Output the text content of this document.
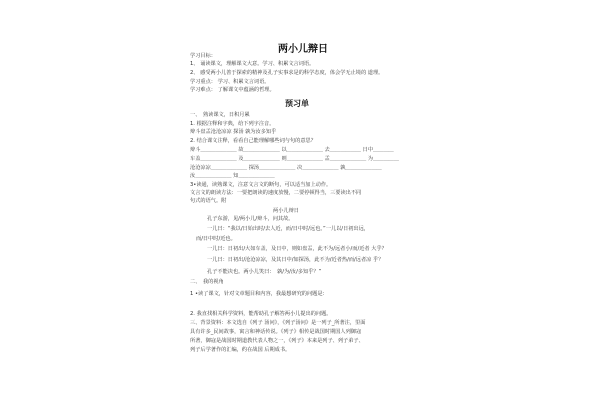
两小儿辩日
学习目标：
1、 诵读课文，理解课文大意。学习、积累文言词语。
2、 感受两小儿善于探索的精神及孔子实事求是的科学态度，体会学无止境的 道理。
学习重点： 学习、积累文言词语。
学习难点： 了解课文中蕴涵的哲理。
预习单
一、　熟读课文，日积月累
1. 根据注释和字典，给下列字注音。
辩斗盘盂沧沧凉凉 探汤 孰为汝多知乎
2. 结合课文注释，看看自己能理解哪些词与句的意思？
辩斗＿＿＿＿＿＿＿ 故＿＿＿＿＿＿＿ 以＿＿＿＿＿＿＿ 去＿＿＿＿＿＿ 日中＿＿＿＿
车盖＿＿＿＿＿＿＿ 及＿＿＿＿＿＿＿ 则＿＿＿＿＿＿＿ 盂＿＿＿＿＿＿＿ 为＿＿＿＿＿
沧沧凉凉＿＿＿＿＿＿＿ 探汤＿＿＿＿＿＿＿ 决＿＿＿＿＿＿＿ 孰＿＿＿＿＿＿＿
汝＿＿＿＿＿＿＿ 知＿＿＿＿＿＿＿
3•读通，读熟课文，注意文言文的断句，可以适当加上动作。
文言文的朗读方法：一要把朗读的速度放慢，二要停顿得当，三要读出不同
句式的语气。附
两小儿辩日
孔子东游，见/两小儿/辩斗，问其故。
一儿曰：“我以/日始出时/去人近，而/日中时/远也。”一儿以/日初出远，
而/日中时/近也。
一儿曰：日初出/大如车盖，及日中，则如盘盂，此不为/远者小/而/近者 大乎？
一儿曰：日初出/沧沧凉凉，及其日中/如探汤，此不为/近者热/而/远者凉 乎？
孔子不能决也。两小儿笑曰：　孰/为/汝/多知乎？”
二、　我的视角
1 •读了课文，针对文章题目和内容，我最想研究的问题是：
2. 我直找相关科学资料，能帮助孔子解答两小儿提出的问题。
三、背景资料：本文选自《列子 汤问》，《列子汤问》是一列子_所著注，里面
具有许多_民间故事，寓言和神话传说。《列子》相传是战国时期国人列御寇
所著，御寇是战国时期道教代表人物之一，《列子》本来是列子、列子弟子、
列子后学著作的汇编，约在战国 后期成书。
